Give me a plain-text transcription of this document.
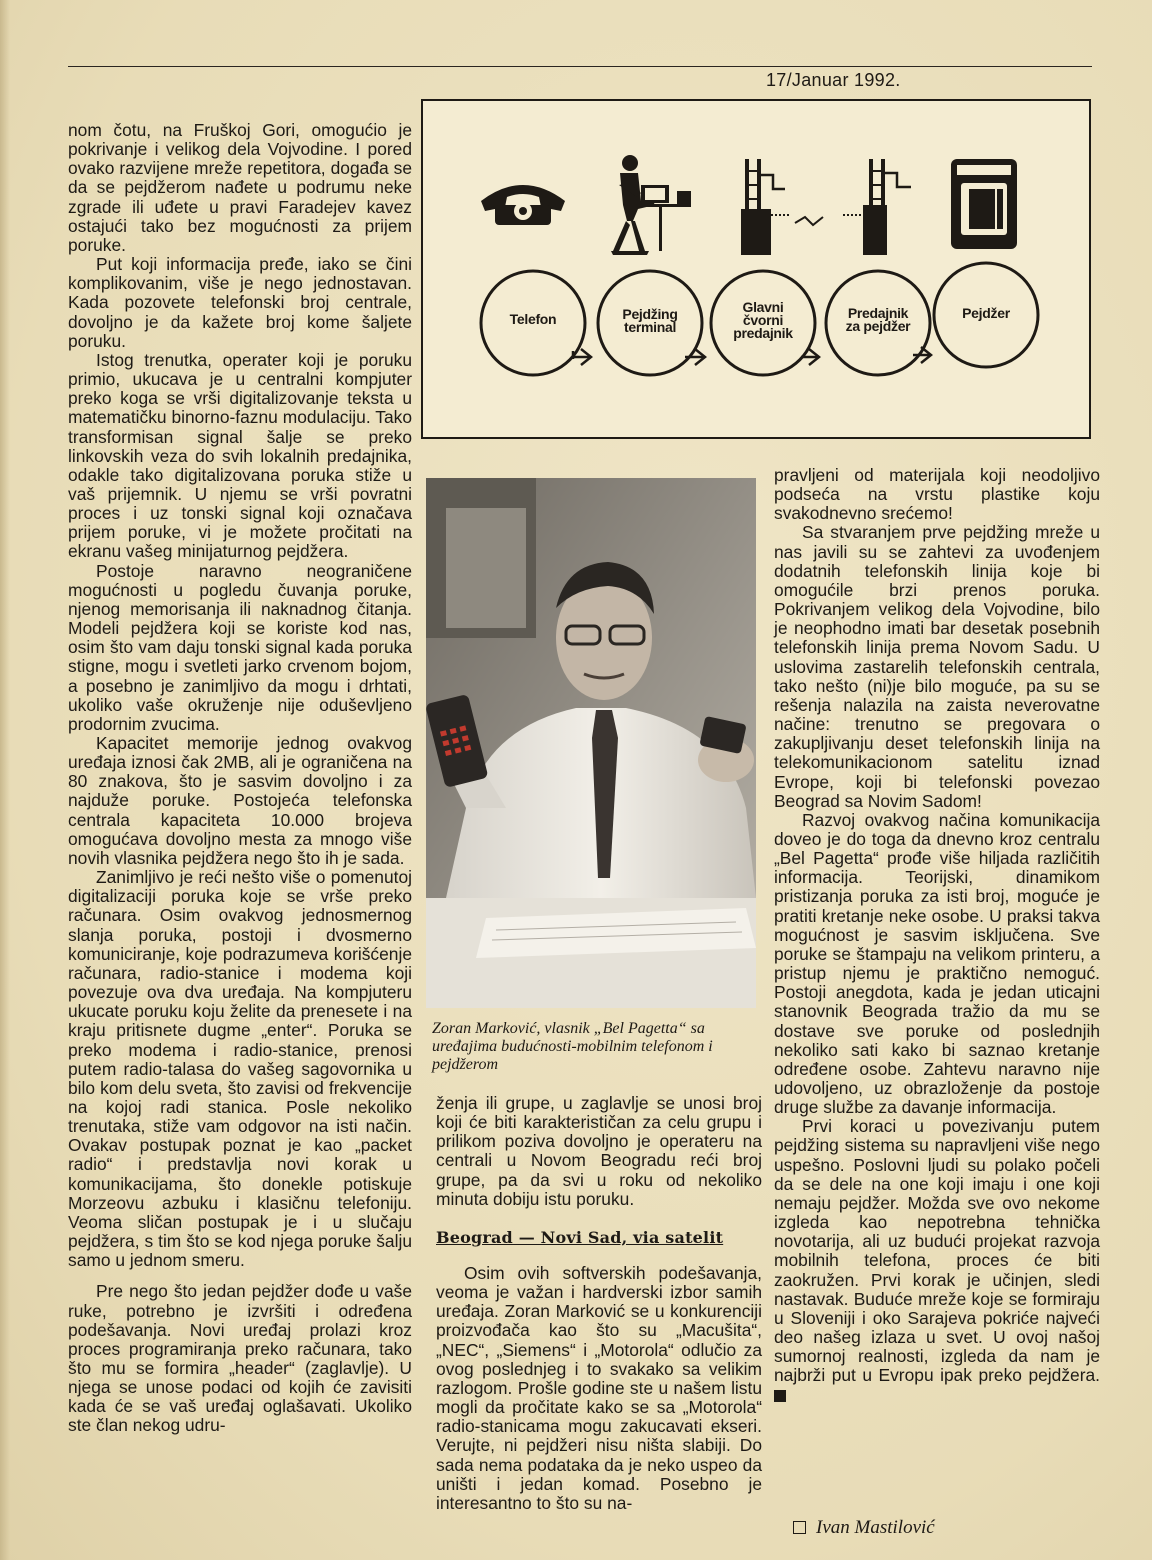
17/Januar 1992.
Telefon	Pejdžing
terminal
Glavni
čvorni
predajnik
Predajnik
za pejdžer
Pejdžer

nom čotu, na Fruškoj Gori, omogućio je pokrivanje i velikog dela Vojvodine. I pored ovako razvijene mreže repetitora, događa se da se pejdžerom nađete u podrumu neke zgrade ili uđete u pravi Faradejev kavez ostajući tako bez mogućnosti za prijem poruke.

Put koji informacija pređe, iako se čini komplikovanim, više je nego jednostavan. Kada pozovete telefonski broj centrale, dovoljno je da kažete broj kome šaljete poruku.

Istog trenutka, operater koji je poruku primio, ukucava je u centralni kompjuter preko koga se vrši digitalizovanje teksta u matematičku binorno-faznu modulaciju. Tako transformisan signal šalje se preko linkovskih veza do svih lokalnih predajnika, odakle tako digitalizovana poruka stiže u vaš prijemnik. U njemu se vrši povratni proces i uz tonski signal koji označava prijem poruke, vi je možete pročitati na ekranu vašeg minijaturnog pejdžera.

Postoje naravno neograničene mogućnosti u pogledu čuvanja poruke, njenog memorisanja ili naknadnog čitanja. Modeli pejdžera koji se koriste kod nas, osim što vam daju tonski signal kada poruka stigne, mogu i svetleti jarko crvenom bojom, a posebno je zanimljivo da mogu i drhtati, ukoliko vaše okruženje nije oduševljeno prodornim zvucima.

Kapacitet memorije jednog ovakvog uređaja iznosi čak 2MB, ali je ograničena na 80 znakova, što je sasvim dovoljno i za najduže poruke. Postojeća telefonska centrala kapaciteta 10.000 brojeva omogućava dovoljno mesta za mnogo više novih vlasnika pejdžera nego što ih je sada.

Zanimljivo je reći nešto više o pomenutoj digitalizaciji poruka koje se vrše preko računara. Osim ovakvog jednosmernog slanja poruka, postoji i dvosmerno komuniciranje, koje podrazumeva korišćenje računara, radio-stanice i modema koji povezuje ova dva uređaja. Na kompjuteru ukucate poruku koju želite da prenesete i na kraju pritisnete dugme „enter“. Poruka se preko modema i radio-stanice, prenosi putem radio-talasa do vašeg sagovornika u bilo kom delu sveta, što zavisi od frekvencije na kojoj radi stanica. Posle nekoliko trenutaka, stiže vam odgovor na isti način. Ovakav postupak poznat je kao „packet radio“ i predstavlja novi korak u komunikacijama, što donekle potiskuje Morzeovu azbuku i klasičnu telefoniju. Veoma sličan postupak je i u slučaju pejdžera, s tim što se kod njega poruke šalju samo u jednom smeru.

Pre nego što jedan pejdžer dođe u vaše ruke, potrebno je izvršiti i određena podešavanja. Novi uređaj prolazi kroz proces programiranja preko računara, tako što mu se formira „header“ (zaglavlje). U njega se unose podaci od kojih će zavisiti kada će se vaš uređaj oglašavati. Ukoliko ste član nekog udru-

Zoran Marković, vlasnik „Bel Pagetta“ sa uređajima budućnosti-mobilnim telefonom i pejdžerom

ženja ili grupe, u zaglavlje se unosi broj koji će biti karakterističan za celu grupu i prilikom poziva dovoljno je operateru na centrali u Novom Beogradu reći broj grupe, pa da svi u roku od nekoliko minuta dobiju istu poruku.

Beograd — Novi Sad, via satelit

Osim ovih softverskih podešavanja, veoma je važan i hardverski izbor samih uređaja. Zoran Marković se u konkurenciji proizvođača kao što su „Macušita“, „NEC“, „Siemens“ i „Motorola“ odlučio za ovog poslednjeg i to svakako sa velikim razlogom. Prošle godine ste u našem listu mogli da pročitate kako se sa „Motorola“ radio-stanicama mogu zakucavati ekseri. Verujte, ni pejdžeri nisu ništa slabiji. Do sada nema podataka da je neko uspeo da uništi i jedan komad. Posebno je interesantno to što su na-

pravljeni od materijala koji neodoljivo podseća na vrstu plastike koju svakodnevno srećemo!

Sa stvaranjem prve pejdžing mreže u nas javili su se zahtevi za uvođenjem dodatnih telefonskih linija koje bi omogućile brzi prenos poruka. Pokrivanjem velikog dela Vojvodine, bilo je neophodno imati bar desetak posebnih telefonskih linija prema Novom Sadu. U uslovima zastarelih telefonskih centrala, tako nešto (ni)je bilo moguće, pa su se rešenja nalazila na zaista neverovatne načine: trenutno se pregovara o zakupljivanju deset telefonskih linija na telekomunikacionom satelitu iznad Evrope, koji bi telefonski povezao Beograd sa Novim Sadom!

Razvoj ovakvog načina komunikacija doveo je do toga da dnevno kroz centralu „Bel Pagetta“ prođe više hiljada različitih informacija. Teorijski, dinamikom pristizanja poruka za isti broj, moguće je pratiti kretanje neke osobe. U praksi takva mogućnost je sasvim isključena. Sve poruke se štampaju na velikom printeru, a pristup njemu je praktično nemoguć. Postoji anegdota, kada je jedan uticajni stanovnik Beograda tražio da mu se dostave sve poruke od poslednjih nekoliko sati kako bi saznao kretanje određene osobe. Zahtevu naravno nije udovoljeno, uz obrazloženje da postoje druge službe za davanje informacija.

Prvi koraci u povezivanju putem pejdžing sistema su napravljeni više nego uspešno. Poslovni ljudi su polako počeli da se dele na one koji imaju i one koji nemaju pejdžer. Možda sve ovo nekome izgleda kao nepotrebna tehnička novotarija, ali uz budući projekat razvoja mobilnih telefona, proces će biti zaokružen. Prvi korak je učinjen, sledi nastavak. Buduće mreže koje se formiraju u Sloveniji i oko Sarajeva pokriće najveći deo našeg izlaza u svet. U ovoj našoj sumornoj realnosti, izgleda da nam je najbrži put u Evropu ipak preko pejdžera.

Ivan Mastilović
